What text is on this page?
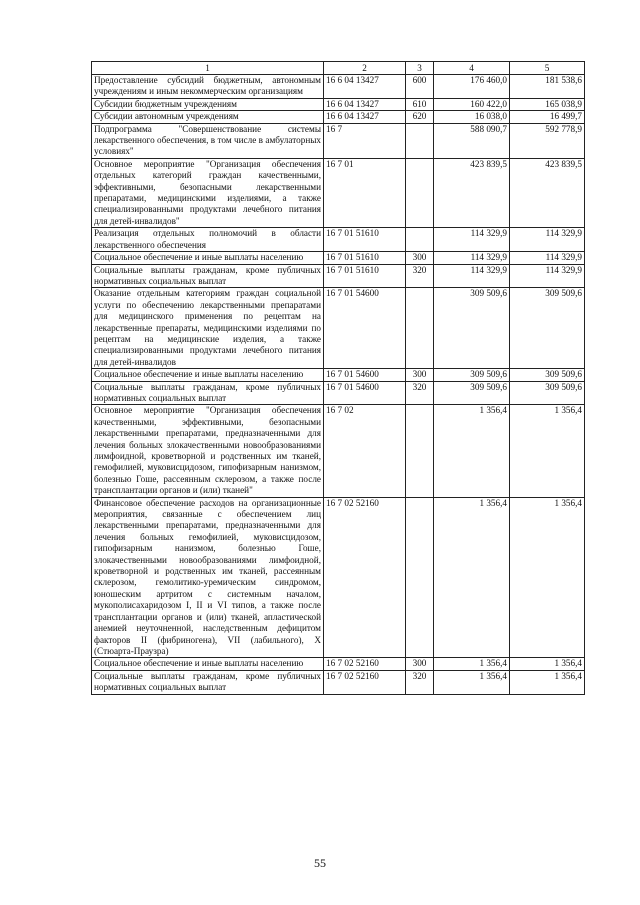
1	2	3	4	5
Предоставление субсидий бюджетным, автономным учреждениям и иным некоммерческим организациям	16 6 04 13427	600	176 460,0	181 538,6
Субсидии бюджетным учреждениям	16 6 04 13427	610	160 422,0	165 038,9
Субсидии автономным учреждениям	16 6 04 13427	620	16 038,0	16 499,7
Подпрограмма "Совершенствование системы лекарственного обеспечения, в том числе в амбулаторных условиях"	16 7		588 090,7	592 778,9
Основное мероприятие "Организация обеспечения отдельных категорий граждан качественными, эффективными, безопасными лекарственными препаратами, медицинскими изделиями, а также специализированными продуктами лечебного питания для детей-инвалидов"	16 7 01		423 839,5	423 839,5
Реализация отдельных полномочий в области лекарственного обеспечения	16 7 01 51610		114 329,9	114 329,9
Социальное обеспечение и иные выплаты населению	16 7 01 51610	300	114 329,9	114 329,9
Социальные выплаты гражданам, кроме публичных нормативных социальных выплат	16 7 01 51610	320	114 329,9	114 329,9
Оказание отдельным категориям граждан социальной услуги по обеспечению лекарственными препаратами для медицинского применения по рецептам на лекарственные препараты, медицинскими изделиями по рецептам на медицинские изделия, а также специализированными продуктами лечебного питания для детей-инвалидов	16 7 01 54600		309 509,6	309 509,6
Социальное обеспечение и иные выплаты населению	16 7 01 54600	300	309 509,6	309 509,6
Социальные выплаты гражданам, кроме публичных нормативных социальных выплат	16 7 01 54600	320	309 509,6	309 509,6
Основное мероприятие "Организация обеспечения качественными, эффективными, безопасными лекарственными препаратами, предназначенными для лечения больных злокачественными новообразованиями лимфоидной, кроветворной и родственных им тканей, гемофилией, муковисцидозом, гипофизарным нанизмом, болезнью Гоше, рассеянным склерозом, а также после трансплантации органов и (или) тканей"	16 7 02		1 356,4	1 356,4
Финансовое обеспечение расходов на организационные мероприятия, связанные с обеспечением лиц лекарственными препаратами, предназначенными для лечения больных гемофилией, муковисцидозом, гипофизарным нанизмом, болезнью Гоше, злокачественными новообразованиями лимфоидной, кроветворной и родственных им тканей, рассеянным склерозом, гемолитико-уремическим синдромом, юношеским артритом с системным началом, мукополисахаридозом I, II и VI типов, а также после трансплантации органов и (или) тканей, апластической анемией неуточненной, наследственным дефицитом факторов II (фибриногена), VII (лабильного), X (Стюарта-Праузра)	16 7 02 52160		1 356,4	1 356,4
Социальное обеспечение и иные выплаты населению	16 7 02 52160	300	1 356,4	1 356,4
Социальные выплаты гражданам, кроме публичных нормативных социальных выплат	16 7 02 52160	320	1 356,4	1 356,4
55
